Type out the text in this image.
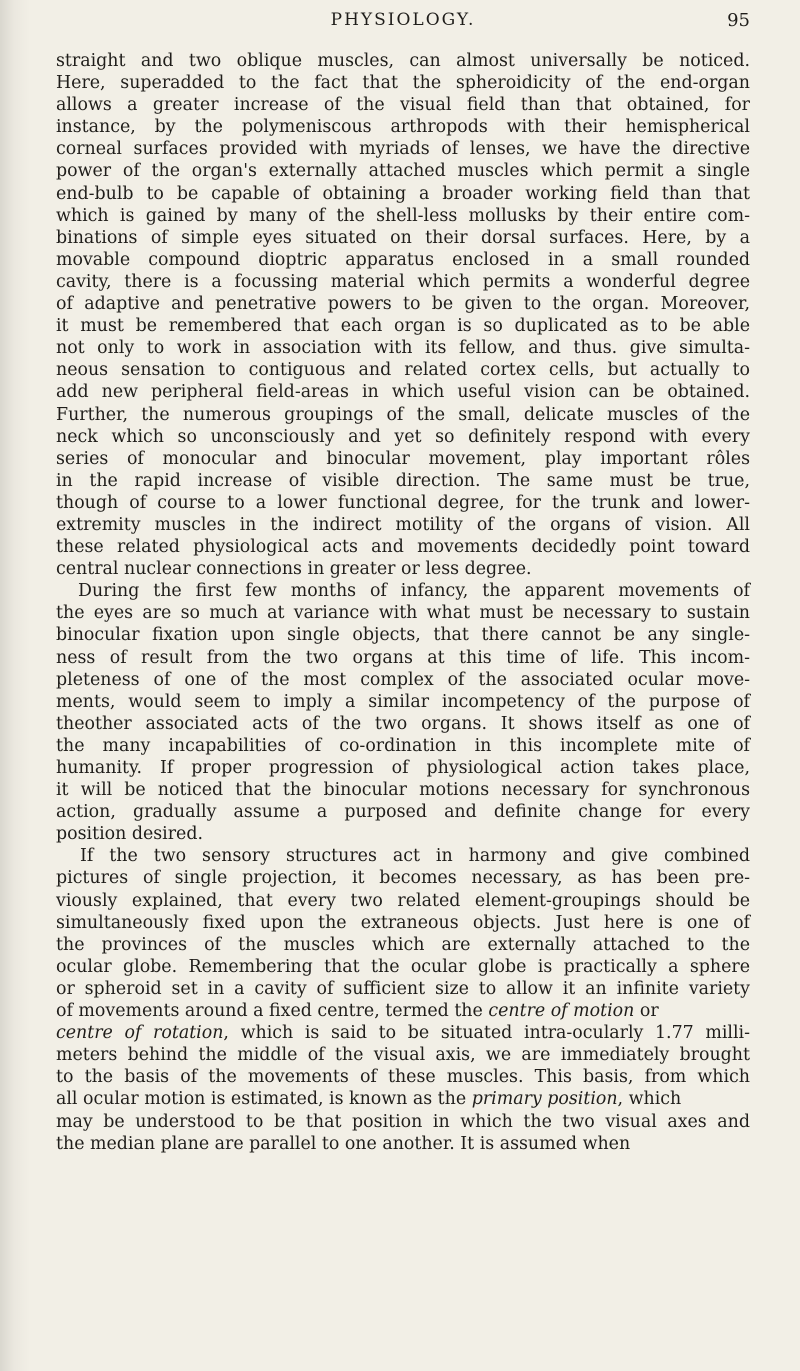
PHYSIOLOGY.	95
straight and two oblique muscles, can almost universally be noticed.
Here, superadded to the fact that the spheroidicity of the end-organ
allows a greater increase of the visual field than that obtained, for
instance, by the polymeniscous arthropods with their hemispherical
corneal surfaces provided with myriads of lenses, we have the directive
power of the organ's externally attached muscles which permit a single
end-bulb to be capable of obtaining a broader working field than that
which is gained by many of the shell-less mollusks by their entire com-
binations of simple eyes situated on their dorsal surfaces. Here, by a
movable compound dioptric apparatus enclosed in a small rounded
cavity, there is a focussing material which permits a wonderful degree
of adaptive and penetrative powers to be given to the organ. Moreover,
it must be remembered that each organ is so duplicated as to be able
not only to work in association with its fellow, and thus. give simulta-
neous sensation to contiguous and related cortex cells, but actually to
add new peripheral field-areas in which useful vision can be obtained.
Further, the numerous groupings of the small, delicate muscles of the
neck which so unconsciously and yet so definitely respond with every
series of monocular and binocular movement, play important rôles
in the rapid increase of visible direction. The same must be true,
though of course to a lower functional degree, for the trunk and lower-
extremity muscles in the indirect motility of the organs of vision. All
these related physiological acts and movements decidedly point toward
central nuclear connections in greater or less degree.
During the first few months of infancy, the apparent movements of
the eyes are so much at variance with what must be necessary to sustain
binocular fixation upon single objects, that there cannot be any single-
ness of result from the two organs at this time of life. This incom-
pleteness of one of the most complex of the associated ocular move-
ments, would seem to imply a similar incompetency of the purpose of
theother associated acts of the two organs. It shows itself as one of
the many incapabilities of co-ordination in this incomplete mite of
humanity. If proper progression of physiological action takes place,
it will be noticed that the binocular motions necessary for synchronous
action, gradually assume a purposed and definite change for every
position desired.
If the two sensory structures act in harmony and give combined
pictures of single projection, it becomes necessary, as has been pre-
viously explained, that every two related element-groupings should be
simultaneously fixed upon the extraneous objects. Just here is one of
the provinces of the muscles which are externally attached to the
ocular globe. Remembering that the ocular globe is practically a sphere
or spheroid set in a cavity of sufficient size to allow it an infinite variety
of movements around a fixed centre, termed the centre of motion or
centre of rotation, which is said to be situated intra-ocularly 1.77 milli-
meters behind the middle of the visual axis, we are immediately brought
to the basis of the movements of these muscles. This basis, from which
all ocular motion is estimated, is known as the primary position, which
may be understood to be that position in which the two visual axes and
the median plane are parallel to one another. It is assumed when
